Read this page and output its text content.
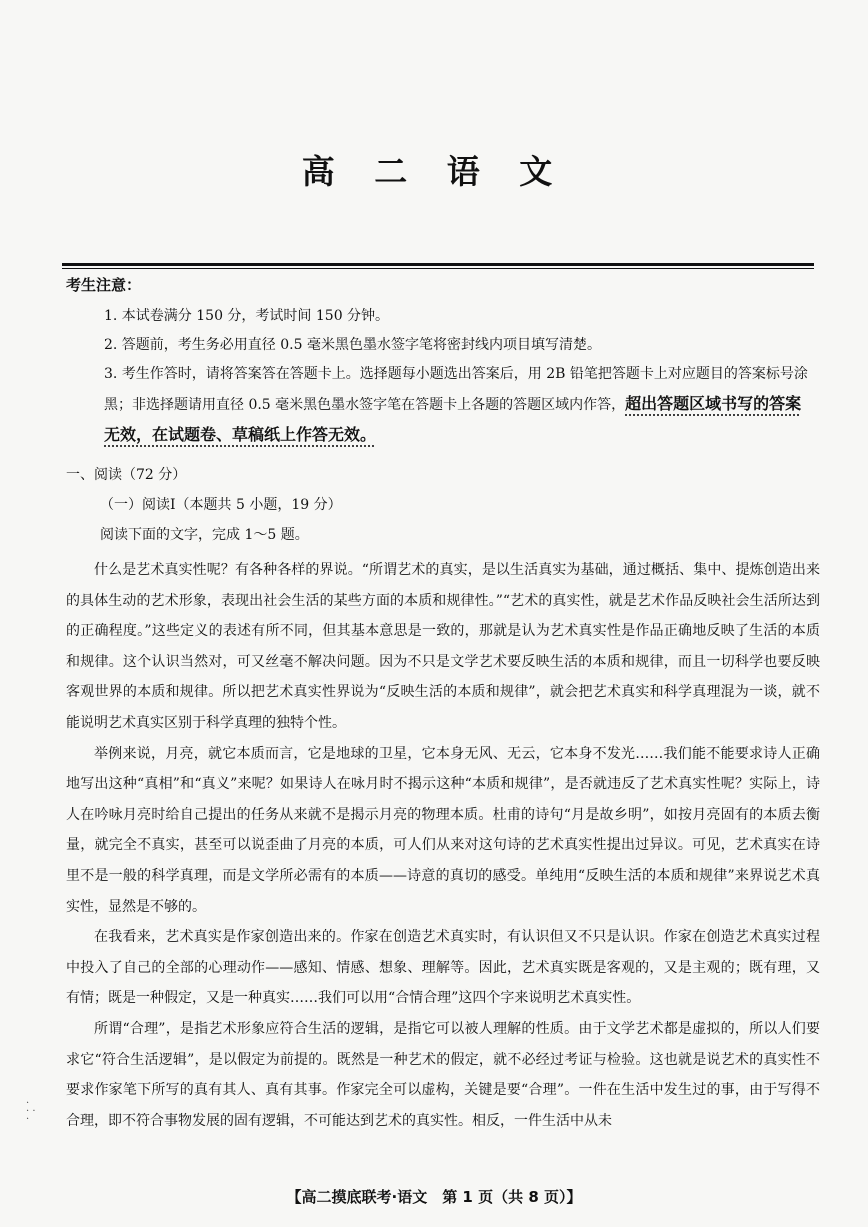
高 二 语 文
考生注意：

1. 本试卷满分 150 分，考试时间 150 分钟。

2. 答题前，考生务必用直径 0.5 毫米黑色墨水签字笔将密封线内项目填写清楚。

3. 考生作答时，请将答案答在答题卡上。选择题每小题选出答案后，用 2B 铅笔把答题卡上对应题目的答案标号涂黑；非选择题请用直径 0.5 毫米黑色墨水签字笔在答题卡上各题的答题区域内作答，超出答题区域书写的答案无效，在试题卷、草稿纸上作答无效。

一、阅读（72 分）
（一）阅读Ⅰ（本题共 5 小题，19 分）
阅读下面的文字，完成 1～5 题。

什么是艺术真实性呢？有各种各样的界说。“所谓艺术的真实，是以生活真实为基础，通过概括、集中、提炼创造出来的具体生动的艺术形象，表现出社会生活的某些方面的本质和规律性。”“艺术的真实性，就是艺术作品反映社会生活所达到的正确程度。”这些定义的表述有所不同，但其基本意思是一致的，那就是认为艺术真实性是作品正确地反映了生活的本质和规律。这个认识当然对，可又丝毫不解决问题。因为不只是文学艺术要反映生活的本质和规律，而且一切科学也要反映客观世界的本质和规律。所以把艺术真实性界说为“反映生活的本质和规律”，就会把艺术真实和科学真理混为一谈，就不能说明艺术真实区别于科学真理的独特个性。

举例来说，月亮，就它本质而言，它是地球的卫星，它本身无风、无云，它本身不发光……我们能不能要求诗人正确地写出这种“真相”和“真义”来呢？如果诗人在咏月时不揭示这种“本质和规律”，是否就违反了艺术真实性呢？实际上，诗人在吟咏月亮时给自己提出的任务从来就不是揭示月亮的物理本质。杜甫的诗句“月是故乡明”，如按月亮固有的本质去衡量，就完全不真实，甚至可以说歪曲了月亮的本质，可人们从来对这句诗的艺术真实性提出过异议。可见，艺术真实在诗里不是一般的科学真理，而是文学所必需有的本质——诗意的真切的感受。单纯用“反映生活的本质和规律”来界说艺术真实性，显然是不够的。

在我看来，艺术真实是作家创造出来的。作家在创造艺术真实时，有认识但又不只是认识。作家在创造艺术真实过程中投入了自己的全部的心理动作——感知、情感、想象、理解等。因此，艺术真实既是客观的，又是主观的；既有理，又有情；既是一种假定，又是一种真实……我们可以用“合情合理”这四个字来说明艺术真实性。

所谓“合理”，是指艺术形象应符合生活的逻辑，是指它可以被人理解的性质。由于文学艺术都是虚拟的，所以人们要求它“符合生活逻辑”，是以假定为前提的。既然是一种艺术的假定，就不必经过考证与检验。这也就是说艺术的真实性不要求作家笔下所写的真有其人、真有其事。作家完全可以虚构，关键是要“合理”。一件在生活中发生过的事，由于写得不合理，即不符合事物发展的固有逻辑，不可能达到艺术的真实性。相反，一件生活中从未

·
· ·
·
【高二摸底联考·语文　第 1 页（共 8 页）】
